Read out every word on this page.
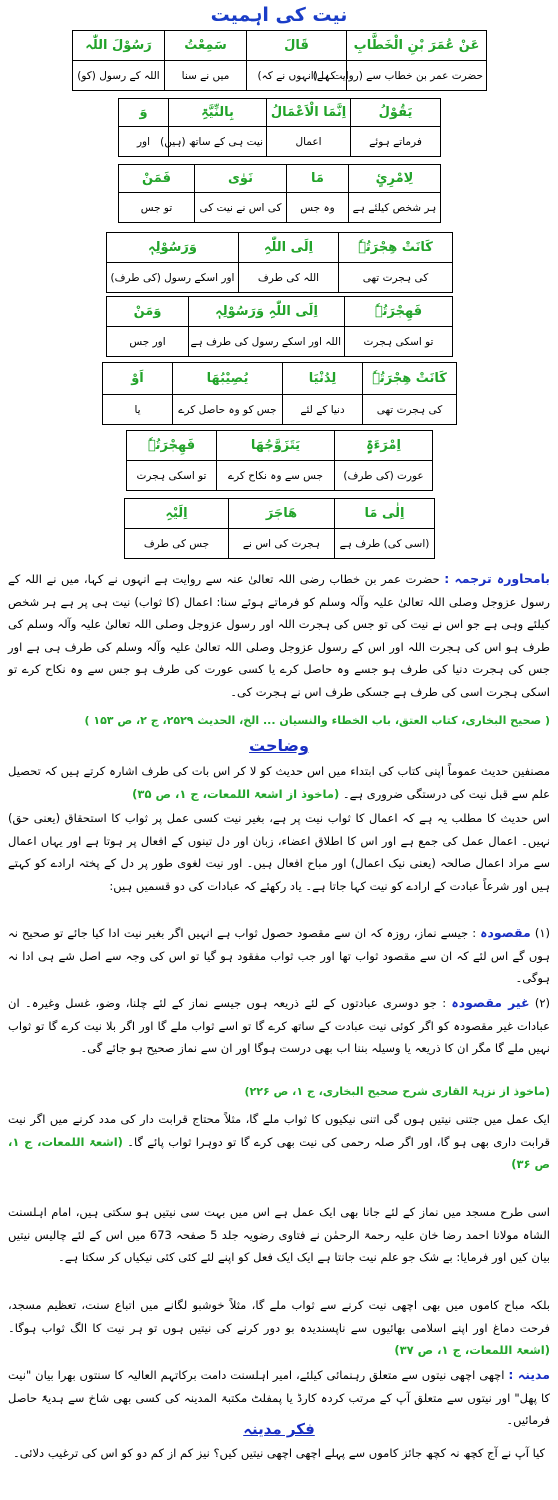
نیت کی اہمیت
عَنْ عُمَرَ بْنِ الْخَطَّابِ	قَالَ	سَمِعْتُ	رَسُوْلَ اللّٰہ
حضرت عمر بن خطاب سے (روایت ہے)	کہا (انہوں نے کہ)	میں نے سنا	اللہ کے رسول (کو)
یَقُوْلُ	اِنَّمَا الْاَعْمَالُ	بِالنِّیَّۃِ	وَ
فرماتے ہوئے	اعمال	نیت ہی کے ساتھ (ہیں)	اور
لِامْرِیٍٔ	مَا	نَوٰی	فَمَنْ
ہر شخص کیلئے ہے	وہ جس	کی اس نے نیت کی	تو جس
کَانَتْ ھِجْرَتُہٗ	اِلَی اللّٰہِ	وَرَسُوْلِہٖ
کی ہجرت تھی	اللہ کی طرف	اور اسکے رسول (کی طرف)
فَھِجْرَتُہٗ	اِلَی اللّٰہِ وَرَسُوْلِہٖ	وَمَنْ
تو اسکی ہجرت	اللہ اور اسکے رسول کی طرف ہے	اور جس
کَانَتْ ھِجْرَتُہٗ	لِدُنْیَا	یُصِیْبُھَا	اَوْ
کی ہجرت تھی	دنیا کے لئے	جس کو وہ حاصل کرے	یا
اِمْرَءَۃٍ	یَتَزَوَّجُھَا	فَھِجْرَتُہٗ
عورت (کی طرف)	جس سے وہ نکاح کرے	تو اسکی ہجرت
اِلٰی مَا	ھَاجَرَ	اِلَیْہِ
(اسی کی) طرف ہے	ہجرت کی اس نے	جس کی طرف

بامحاورہ ترجمہ : حضرت عمر بن خطاب رضی اللہ تعالیٰ عنہ سے روایت ہے انہوں نے کہا، میں نے اللہ کے رسول عزوجل وصلی اللہ تعالیٰ علیہ وآلہ وسلم کو فرماتے ہوئے سنا: اعمال (کا ثواب) نیت ہی پر ہے ہر شخص کیلئے وہی ہے جو اس نے نیت کی تو جس کی ہجرت اللہ اور رسول عزوجل وصلی اللہ تعالیٰ علیہ وآلہ وسلم کی طرف ہو اس کی ہجرت اللہ اور اس کے رسول عزوجل وصلی اللہ تعالیٰ علیہ وآلہ وسلم کی طرف ہی ہے اور جس کی ہجرت دنیا کی طرف ہو جسے وہ حاصل کرے یا کسی عورت کی طرف ہو جس سے وہ نکاح کرے تو اسکی ہجرت اسی کی طرف ہے جسکی طرف اس نے ہجرت کی۔

( صحیح البخاری، کتاب العتق، باب الخطاء والنسیان ... الخ، الحدیث ۲۵۲۹، ج ۲، ص ۱۵۳ )

وضاحت

مصنفین حدیث عموماً اپنی کتاب کی ابتداء میں اس حدیث کو لا کر اس بات کی طرف اشارہ کرتے ہیں کہ تحصیل علم سے قبل نیت کی درستگی ضروری ہے۔ (ماخوذ از اشعۃ اللمعات، ج ۱، ص ۳۵)

اس حدیث کا مطلب یہ ہے کہ اعمال کا ثواب نیت پر ہے، بغیر نیت کسی عمل پر ثواب کا استحقاق (یعنی حق) نہیں۔ اعمال عمل کی جمع ہے اور اس کا اطلاق اعضاء، زبان اور دل تینوں کے افعال پر ہوتا ہے اور یہاں اعمال سے مراد اعمال صالحہ (یعنی نیک اعمال) اور مباح افعال ہیں۔ اور نیت لغوی طور پر دل کے پختہ ارادے کو کہتے ہیں اور شرعاً عبادت کے ارادے کو نیت کہا جاتا ہے۔ یاد رکھئے کہ عبادات کی دو قسمیں ہیں:

(۱) مقصودہ : جیسے نماز، روزہ کہ ان سے مقصود حصول ثواب ہے انہیں اگر بغیر نیت ادا کیا جائے تو صحیح نہ ہوں گے اس لئے کہ ان سے مقصود ثواب تھا اور جب ثواب مفقود ہو گیا تو اس کی وجہ سے اصل شے ہی ادا نہ ہوگی۔

(۲) غیر مقصودہ : جو دوسری عبادتوں کے لئے ذریعہ ہوں جیسے نماز کے لئے چلنا، وضو، غسل وغیرہ۔ ان عبادات غیر مقصودہ کو اگر کوئی نیت عبادت کے ساتھ کرے گا تو اسے ثواب ملے گا اور اگر بلا نیت کرے گا تو ثواب نہیں ملے گا مگر ان کا ذریعہ یا وسیلہ بننا اب بھی درست ہوگا اور ان سے نماز صحیح ہو جائے گی۔

(ماخوذ از نزہۃ القاری شرح صحیح البخاری، ج ۱، ص ۲۲۶)

ایک عمل میں جتنی نیتیں ہوں گی اتنی نیکیوں کا ثواب ملے گا، مثلاً محتاج قرابت دار کی مدد کرنے میں اگر نیت قرابت داری بھی ہو گا، اور اگر صلہ رحمی کی نیت بھی کرے گا تو دوہرا ثواب پائے گا۔ (اشعۃ اللمعات، ج ۱، ص ۳۶)

اسی طرح مسجد میں نماز کے لئے جانا بھی ایک عمل ہے اس میں بہت سی نیتیں ہو سکتی ہیں، امام اہلسنت الشاہ مولانا احمد رضا خان علیہ رحمۃ الرحمٰن نے فتاوی رضویہ جلد 5 صفحہ 673 میں اس کے لئے چالیس نیتیں بیان کیں اور فرمایا: بے شک جو علم نیت جانتا ہے ایک ایک فعل کو اپنے لئے کئی کئی نیکیاں کر سکتا ہے۔

بلکہ مباح کاموں میں بھی اچھی نیت کرنے سے ثواب ملے گا، مثلاً خوشبو لگانے میں اتباع سنت، تعظیم مسجد، فرحت دماغ اور اپنے اسلامی بھائیوں سے ناپسندیدہ بو دور کرنے کی نیتیں ہوں تو ہر نیت کا الگ ثواب ہوگا۔ (اشعۃ اللمعات، ج ۱، ص ۳۷)

مدینہ : اچھی اچھی نیتوں سے متعلق رہنمائی کیلئے، امیر اہلسنت دامت برکاتہم العالیہ کا سنتوں بھرا بیان "نیت کا پھل" اور نیتوں سے متعلق آپ کے مرتب کردہ کارڈ یا پمفلٹ مکتبۃ المدینہ کی کسی بھی شاخ سے ہدیۃً حاصل فرمائیں۔

فکر مدینہ

کیا آپ نے آج کچھ نہ کچھ جائز کاموں سے پہلے اچھی اچھی نیتیں کیں؟ نیز کم از کم دو کو اس کی ترغیب دلائی۔
